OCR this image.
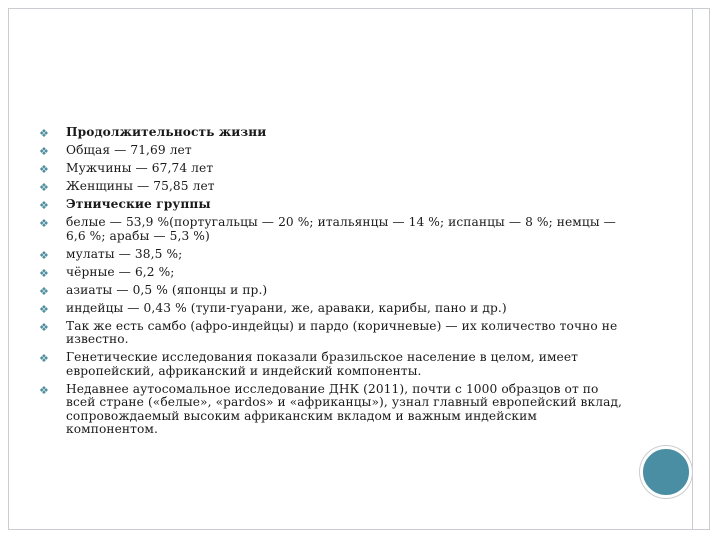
❖ Продолжительность жизни
❖ Общая — 71,69 лет
❖ Мужчины — 67,74 лет
❖ Женщины — 75,85 лет
❖ Этнические группы
❖ белые — 53,9 %(португальцы — 20 %; итальянцы — 14 %; испанцы — 8 %; немцы — 6,6 %; арабы — 5,3 %)
❖ мулаты — 38,5 %;
❖ чёрные — 6,2 %;
❖ азиаты — 0,5 % (японцы и пр.)
❖ индейцы — 0,43 % (тупи-гуарани, же, араваки, карибы, пано и др.)
❖ Так же есть самбо (афро-индейцы) и пардо (коричневые) — их количество точно не известно.
❖ Генетические исследования показали бразильское население в целом, имеет европейский, африканский и индейский компоненты.
❖ Недавнее аутосомальное исследование ДНК (2011), почти с 1000 образцов от по всей стране («белые», «pardos» и «африканцы»), узнал главный европейский вклад, сопровождаемый высоким африканским вкладом и важным индейским компонентом.
